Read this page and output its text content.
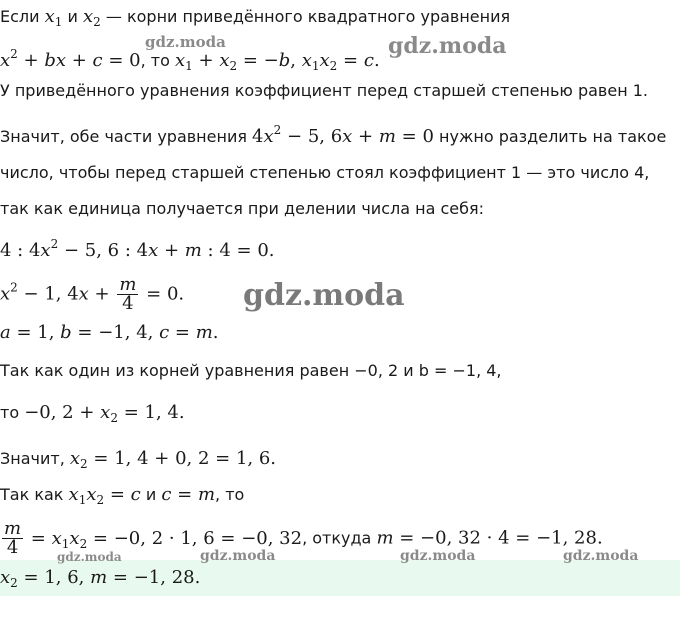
Если $x_1$ и $x_2$ — корни приведённого квадратного уравнения
$x^2$ + bx + c = 0, то $x_1 + x_2 = -b$, $x_1x_2 = c$.
У приведённого уравнения коэффициент перед старшей степенью равен 1.
Значит, обе части уравнения $4x^2 - 5$, 6x + m = 0 нужно разделить на такое
число, чтобы перед старшей степенью стоял коэффициент 1 — это число 4,
так как единица получается при делении числа на себя:
4 : $4x^2 - 5$, 6 : 4x + m : 4 = 0.
$x^2 - 1$, $4x + \frac{m}{4} = 0$.
a = 1, b = −1, 4, c = m.
Так как один из корней уравнения равен −0, 2 и b = −1, 4,
то −0, $2 + x_2 = 1$, 4.
Значит, $x_2 = 1$, 4 + 0, 2 = 1, 6.
Так как $x_1x_2 = c$ и c = m, то
$\frac{m}{4} = x_1x_2 = -0$, 2 · 1, 6 = −0, 32, откуда m = −0, 32 · 4 = −1, 28.
$x_2 = 1$, 6, m = −1, 28.
gdz.moda	gdz.moda
gdz.moda
gdz.moda	gdz.moda	gdz.moda	gdz.moda
